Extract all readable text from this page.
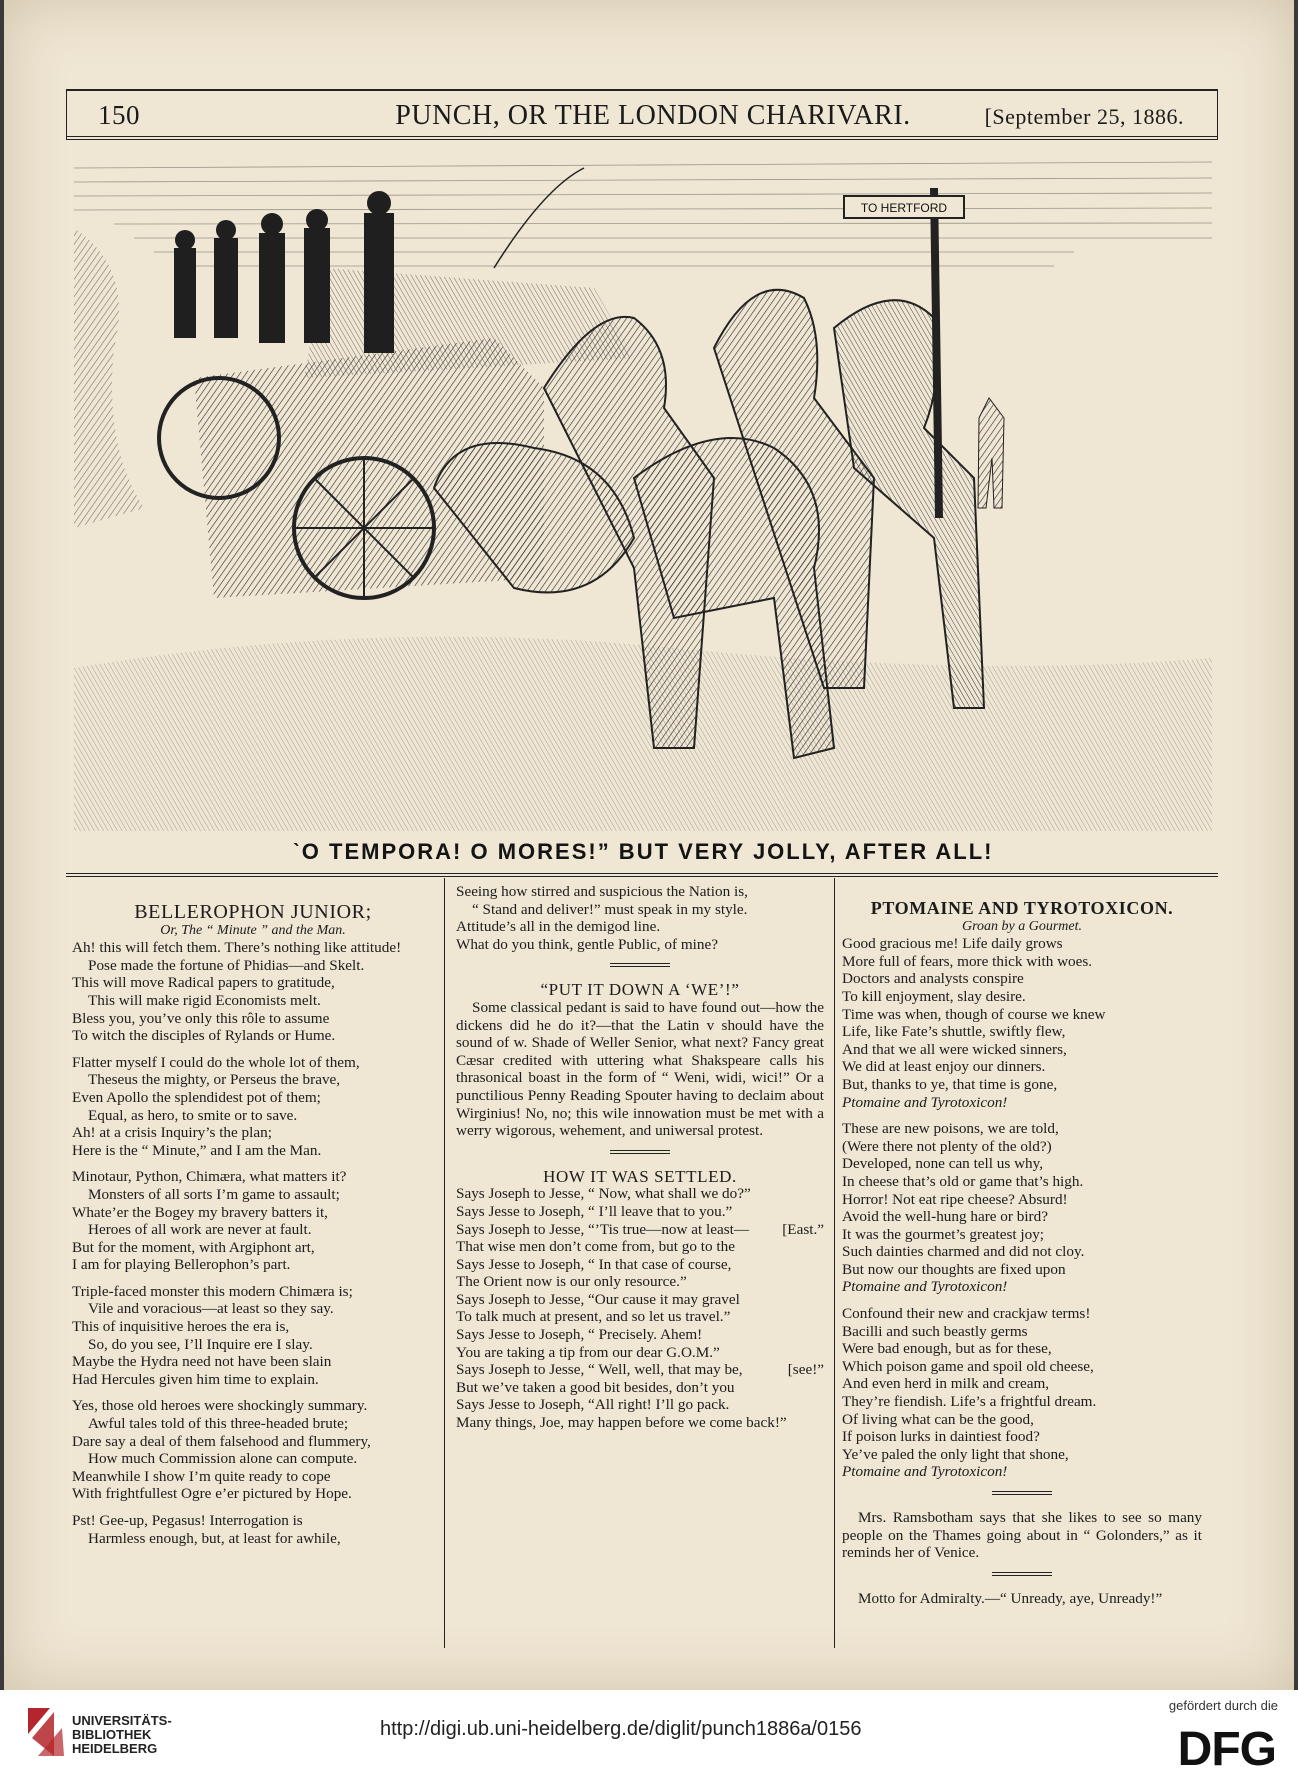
150	PUNCH, OR THE LONDON CHARIVARI.	[September 25, 1886.
TO HERTFORD
ˋO TEMPORA! O MORES!” BUT VERY JOLLY, AFTER ALL!

BELLEROPHON JUNIOR;

Or, The “ Minute ” and the Man.

Ah! this will fetch them. There’s nothing like attitude!
Pose made the fortune of Phidias—and Skelt.
This will move Radical papers to gratitude,
This will make rigid Economists melt.
Bless you, you’ve only this rôle to assume
To witch the disciples of Rylands or Hume.
Flatter myself I could do the whole lot of them,
Theseus the mighty, or Perseus the brave,
Even Apollo the splendidest pot of them;
Equal, as hero, to smite or to save.
Ah! at a crisis Inquiry’s the plan;
Here is the “ Minute,” and I am the Man.
Minotaur, Python, Chimæra, what matters it?
Monsters of all sorts I’m game to assault;
Whate’er the Bogey my bravery batters it,
Heroes of all work are never at fault.
But for the moment, with Argiphont art,
I am for playing Bellerophon’s part.
Triple-faced monster this modern Chimæra is;
Vile and voracious—at least so they say.
This of inquisitive heroes the era is,
So, do you see, I’ll Inquire ere I slay.
Maybe the Hydra need not have been slain
Had Hercules given him time to explain.
Yes, those old heroes were shockingly summary.
Awful tales told of this three-headed brute;
Dare say a deal of them falsehood and flummery,
How much Commission alone can compute.
Meanwhile I show I’m quite ready to cope
With frightfullest Ogre e’er pictured by Hope.
Pst! Gee-up, Pegasus! Interrogation is
Harmless enough, but, at least for awhile,
Seeing how stirred and suspicious the Nation is,
“ Stand and deliver!” must speak in my style.
Attitude’s all in the demigod line.
What do you think, gentle Public, of mine?

“PUT IT DOWN A ‘WE’!”

Some classical pedant is said to have found out—how the dickens did he do it?—that the Latin v should have the sound of w. Shade of Weller Senior, what next? Fancy great Cæsar credited with uttering what Shakspeare calls his thrasonical boast in the form of “ Weni, widi, wici!” Or a punctilious Penny Reading Spouter having to declaim about Wirginius! No, no; this wile innowation must be met with a werry wigorous, wehement, and uniwersal protest.

HOW IT WAS SETTLED.

Says Joseph to Jesse, “ Now, what shall we do?”
Says Jesse to Joseph, “ I’ll leave that to you.”
Says Joseph to Jesse, “’Tis true—now at least— [East.”
That wise men don’t come from, but go to the
Says Jesse to Joseph, “ In that case of course,
The Orient now is our only resource.”
Says Joseph to Jesse, “Our cause it may gravel
To talk much at present, and so let us travel.”
Says Jesse to Joseph, “ Precisely. Ahem!
You are taking a tip from our dear G.O.M.”
Says Joseph to Jesse, “ Well, well, that may be,	[see!”
But we’ve taken a good bit besides, don’t you
Says Jesse to Joseph, “All right! I’ll go pack.
Many things, Joe, may happen before we come back!”

PTOMAINE AND TYROTOXICON.

Groan by a Gourmet.

Good gracious me! Life daily grows
More full of fears, more thick with woes.
Doctors and analysts conspire
To kill enjoyment, slay desire.
Time was when, though of course we knew
Life, like Fate’s shuttle, swiftly flew,
And that we all were wicked sinners,
We did at least enjoy our dinners.
But, thanks to ye, that time is gone,
Ptomaine and Tyrotoxicon!
These are new poisons, we are told,
(Were there not plenty of the old?)
Developed, none can tell us why,
In cheese that’s old or game that’s high.
Horror! Not eat ripe cheese? Absurd!
Avoid the well-hung hare or bird?
It was the gourmet’s greatest joy;
Such dainties charmed and did not cloy.
But now our thoughts are fixed upon
Ptomaine and Tyrotoxicon!
Confound their new and crackjaw terms!
Bacilli and such beastly germs
Were bad enough, but as for these,
Which poison game and spoil old cheese,
And even herd in milk and cream,
They’re fiendish. Life’s a frightful dream.
Of living what can be the good,
If poison lurks in daintiest food?
Ye’ve paled the only light that shone,
Ptomaine and Tyrotoxicon!

Mrs. Ramsbotham says that she likes to see so many people on the Thames going about in “ Golonders,” as it reminds her of Venice.

Motto for Admiralty.—“ Unready, aye, Unready!”

UNIVERSITÄTS-
BIBLIOTHEK
HEIDELBERG
http://digi.ub.uni-heidelberg.de/diglit/punch1886a/0156
gefördert durch die
DFG
